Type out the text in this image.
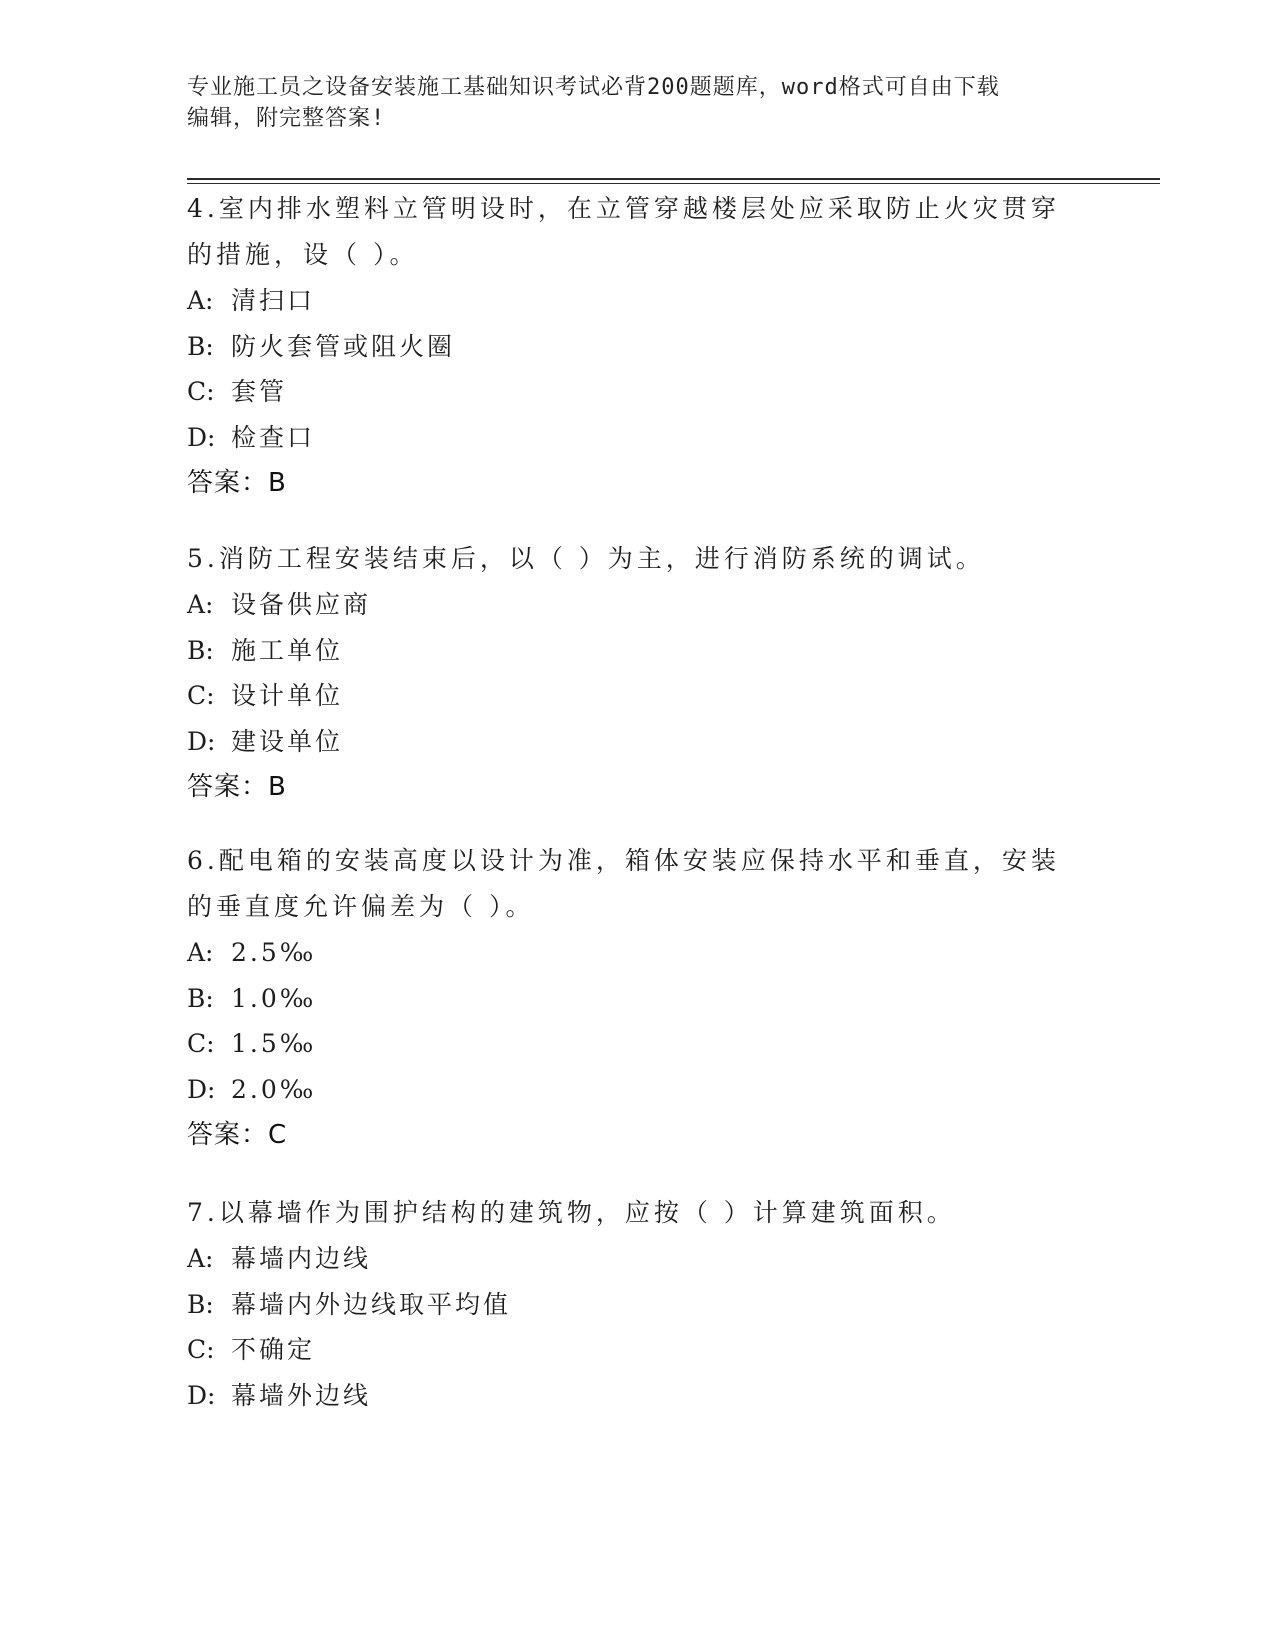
专业施工员之设备安装施工基础知识考试必背200题题库，word格式可自由下载
编辑，附完整答案!

4.室内排水塑料立管明设时，在立管穿越楼层处应采取防止火灾贯穿

的措施，设（ ）。

A: 清扫口

B: 防火套管或阻火圈

C: 套管

D: 检查口

答案：B

5.消防工程安装结束后，以（ ）为主，进行消防系统的调试。

A: 设备供应商

B: 施工单位

C: 设计单位

D: 建设单位

答案：B

6.配电箱的安装高度以设计为准，箱体安装应保持水平和垂直，安装

的垂直度允许偏差为（ ）。

A: 2.5‰

B: 1.0‰

C: 1.5‰

D: 2.0‰

答案：C

7.以幕墙作为围护结构的建筑物，应按（ ）计算建筑面积。

A: 幕墙内边线

B: 幕墙内外边线取平均值

C: 不确定

D: 幕墙外边线
